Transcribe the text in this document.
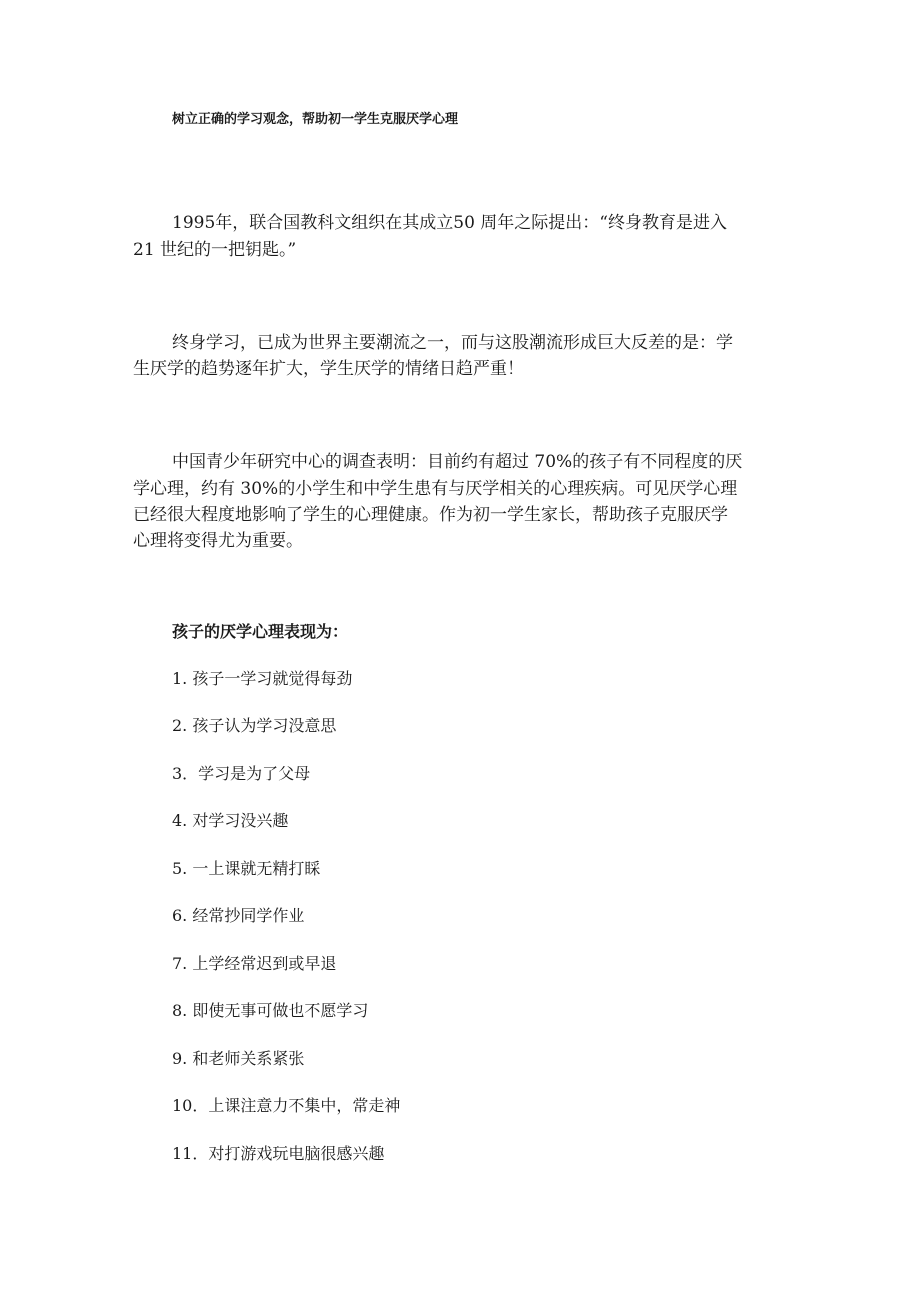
树立正确的学习观念，帮助初一学生克服厌学心理
1995年，联合国教科文组织在其成立50 周年之际提出：“终身教育是进入
21 世纪的一把钥匙。”
终身学习，已成为世界主要潮流之一，而与这股潮流形成巨大反差的是：学
生厌学的趋势逐年扩大，学生厌学的情绪日趋严重！
中国青少年研究中心的调查表明：目前约有超过 70%的孩子有不同程度的厌
学心理，约有 30%的小学生和中学生患有与厌学相关的心理疾病。可见厌学心理
已经很大程度地影响了学生的心理健康。作为初一学生家长，帮助孩子克服厌学
心理将变得尤为重要。
孩子的厌学心理表现为：
1. 孩子一学习就觉得每劲
2. 孩子认为学习没意思
3．学习是为了父母
4. 对学习没兴趣
5. 一上课就无精打睬
6. 经常抄同学作业
7. 上学经常迟到或早退
8. 即使无事可做也不愿学习
9. 和老师关系紧张
10．上课注意力不集中，常走神
11．对打游戏玩电脑很感兴趣
